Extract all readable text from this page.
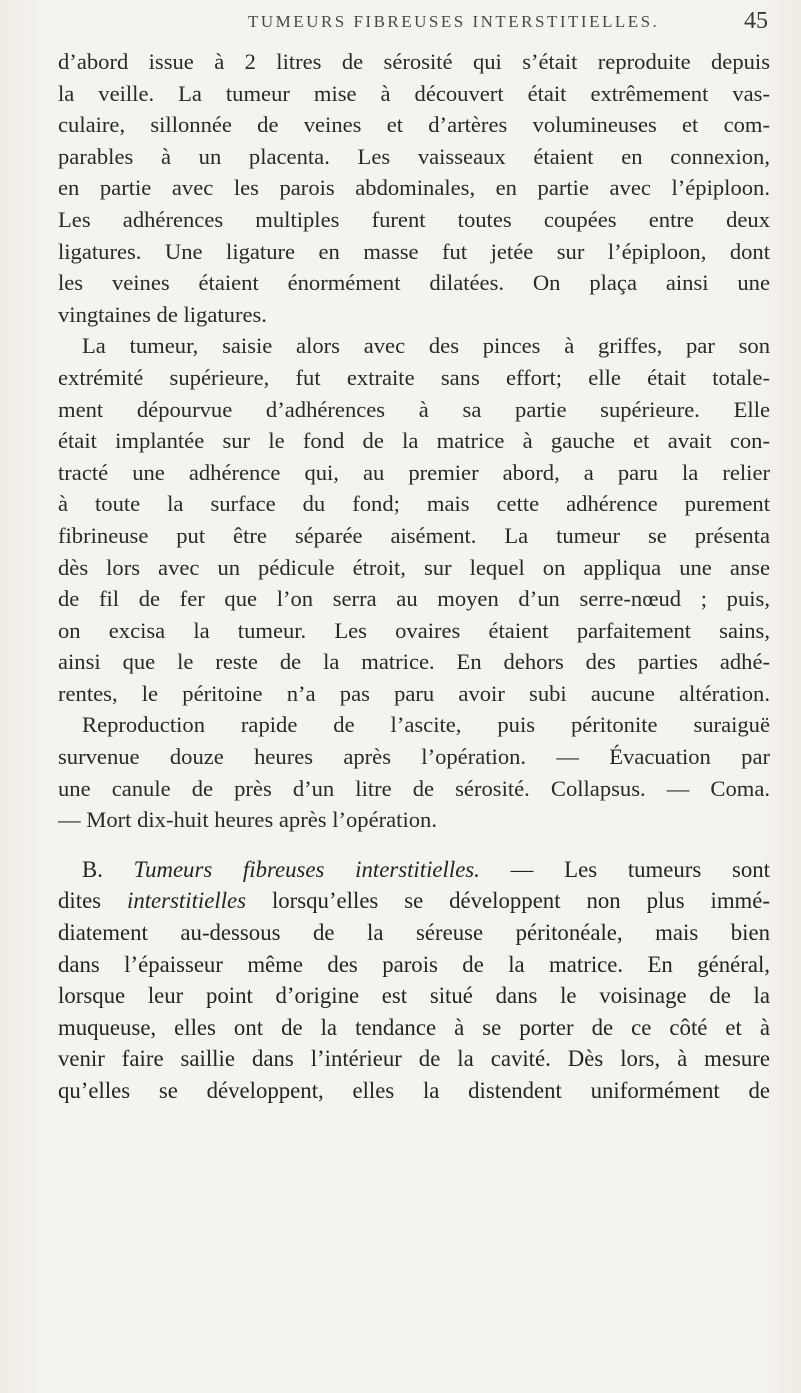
TUMEURS FIBREUSES INTERSTITIELLES.	45
d’abord issue à 2 litres de sérosité qui s’était reproduite depuis
la veille. La tumeur mise à découvert était extrêmement vas-
culaire, sillonnée de veines et d’artères volumineuses et com-
parables à un placenta. Les vaisseaux étaient en connexion,
en partie avec les parois abdominales, en partie avec l’épiploon.
Les adhérences multiples furent toutes coupées entre deux
ligatures. Une ligature en masse fut jetée sur l’épiploon, dont
les veines étaient énormément dilatées. On plaça ainsi une
vingtaines de ligatures.
La tumeur, saisie alors avec des pinces à griffes, par son
extrémité supérieure, fut extraite sans effort; elle était totale-
ment dépourvue d’adhérences à sa partie supérieure. Elle
était implantée sur le fond de la matrice à gauche et avait con-
tracté une adhérence qui, au premier abord, a paru la relier
à toute la surface du fond; mais cette adhérence purement
fibrineuse put être séparée aisément. La tumeur se présenta
dès lors avec un pédicule étroit, sur lequel on appliqua une anse
de fil de fer que l’on serra au moyen d’un serre-nœud ; puis,
on excisa la tumeur. Les ovaires étaient parfaitement sains,
ainsi que le reste de la matrice. En dehors des parties adhé-
rentes, le péritoine n’a pas paru avoir subi aucune altération.
Reproduction rapide de l’ascite, puis péritonite suraiguë
survenue douze heures après l’opération. — Évacuation par
une canule de près d’un litre de sérosité. Collapsus. — Coma.
— Mort dix-huit heures après l’opération.
B. Tumeurs fibreuses interstitielles. — Les tumeurs sont
dites interstitielles lorsqu’elles se développent non plus immé-
diatement au-dessous de la séreuse péritonéale, mais bien
dans l’épaisseur même des parois de la matrice. En général,
lorsque leur point d’origine est situé dans le voisinage de la
muqueuse, elles ont de la tendance à se porter de ce côté et à
venir faire saillie dans l’intérieur de la cavité. Dès lors, à mesure
qu’elles se développent, elles la distendent uniformément de
